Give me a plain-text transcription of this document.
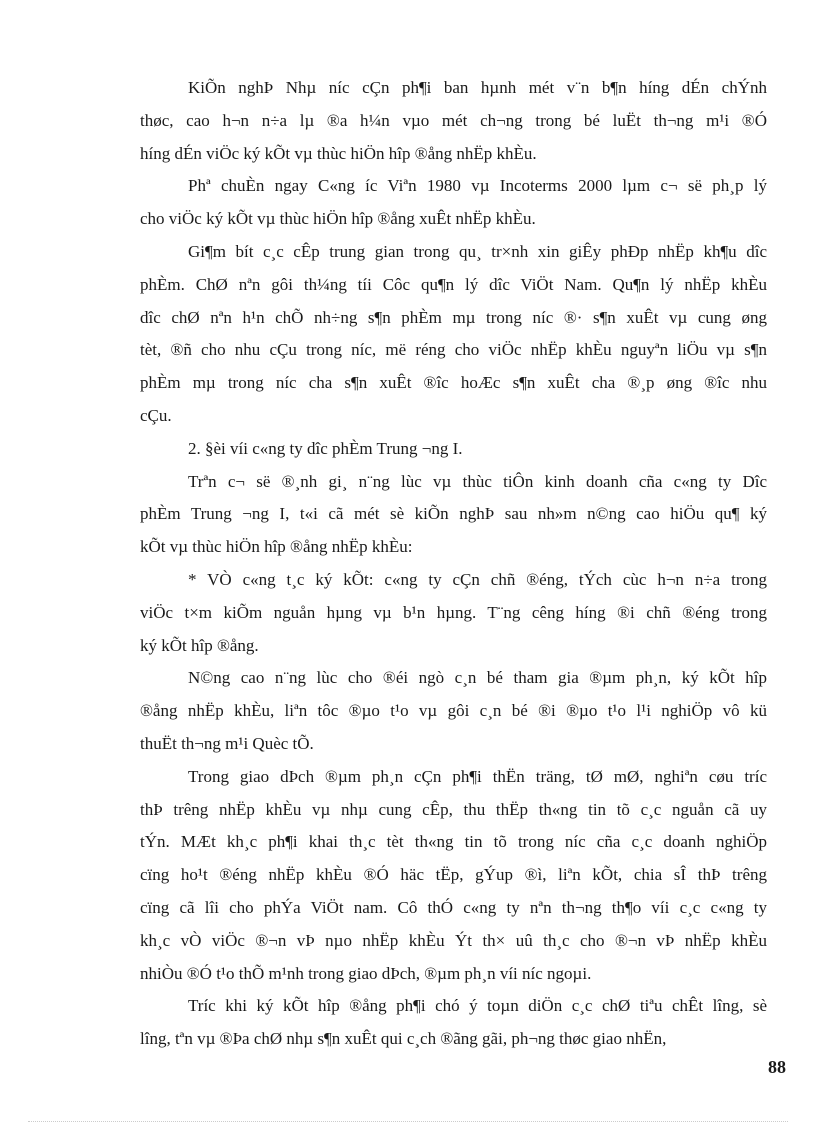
KiÕn nghÞ Nhµ níc cÇn ph¶i ban hµnh mét v¨n b¶n híng dÉn chÝnh
thøc, cao h¬n n÷a lµ ®a h¼n vµo mét ch¬ng trong bé luËt th¬ng m¹i ®Ó
híng dÉn viÖc ký kÕt vµ thùc hiÖn hîp ®ång nhËp khÈu.

Phª chuÈn ngay C«ng íc Viªn 1980 vµ Incoterms 2000 lµm c¬ së ph¸p lý
cho viÖc ký kÕt vµ thùc hiÖn hîp ®ång xuÊt nhËp khÈu.

Gi¶m bít c¸c cÊp trung gian trong qu¸ tr×nh xin giÊy phÐp nhËp kh¶u dîc
phÈm. ChØ nªn gôi th¼ng tíi Côc qu¶n lý dîc ViÖt Nam. Qu¶n lý nhËp khÈu
dîc chØ nªn h¹n chÕ nh÷ng s¶n phÈm mµ trong níc ®· s¶n xuÊt vµ cung øng
tèt, ®ñ cho nhu cÇu trong níc, më réng cho viÖc nhËp khÈu nguyªn liÖu vµ s¶n
phÈm mµ trong níc cha s¶n xuÊt ®îc hoÆc s¶n xuÊt cha ®¸p øng ®îc nhu
cÇu.

2. §èi víi c«ng ty dîc phÈm Trung ¬ng I.

Trªn c¬ së ®¸nh gi¸ n¨ng lùc vµ thùc tiÔn kinh doanh cña c«ng ty Dîc
phÈm Trung ¬ng I, t«i cã mét sè kiÕn nghÞ sau nh»m n©ng cao hiÖu qu¶ ký
kÕt vµ thùc hiÖn hîp ®ång nhËp khÈu:

* VÒ c«ng t¸c ký kÕt: c«ng ty cÇn chñ ®éng, tÝch cùc h¬n n÷a trong
viÖc t×m kiÕm nguån hµng vµ b¹n hµng. T¨ng cêng híng ®i chñ ®éng trong
ký kÕt hîp ®ång.

N©ng cao n¨ng lùc cho ®éi ngò c¸n bé tham gia ®µm ph¸n, ký kÕt hîp
®ång nhËp khÈu, liªn tôc ®µo t¹o vµ gôi c¸n bé ®i ®µo t¹o l¹i nghiÖp vô kü
thuËt th¬ng m¹i Quèc tÕ.

Trong giao dÞch ®µm ph¸n cÇn ph¶i thËn träng, tØ mØ, nghiªn cøu tríc
thÞ trêng nhËp khÈu vµ nhµ cung cÊp, thu thËp th«ng tin tõ c¸c nguån cã uy
tÝn. MÆt kh¸c ph¶i khai th¸c tèt th«ng tin tõ trong níc cña c¸c doanh nghiÖp
cïng ho¹t ®éng nhËp khÈu ®Ó häc tËp, gÝup ®ì, liªn kÕt, chia sÎ thÞ trêng
cïng cã lîi cho phÝa ViÖt nam. Cô thÓ c«ng ty nªn th¬ng th¶o víi c¸c c«ng ty
kh¸c vÒ viÖc ®¬n vÞ nµo nhËp khÈu Ýt th× uû th¸c cho ®¬n vÞ nhËp khÈu
nhiÒu ®Ó t¹o thÕ m¹nh trong giao dÞch, ®µm ph¸n víi níc ngoµi.

Tríc khi ký kÕt hîp ®ång ph¶i chó ý toµn diÖn c¸c chØ tiªu chÊt lîng, sè
lîng, tªn vµ ®Þa chØ nhµ s¶n xuÊt qui c¸ch ®ãng gãi, ph¬ng thøc giao nhËn,

88
